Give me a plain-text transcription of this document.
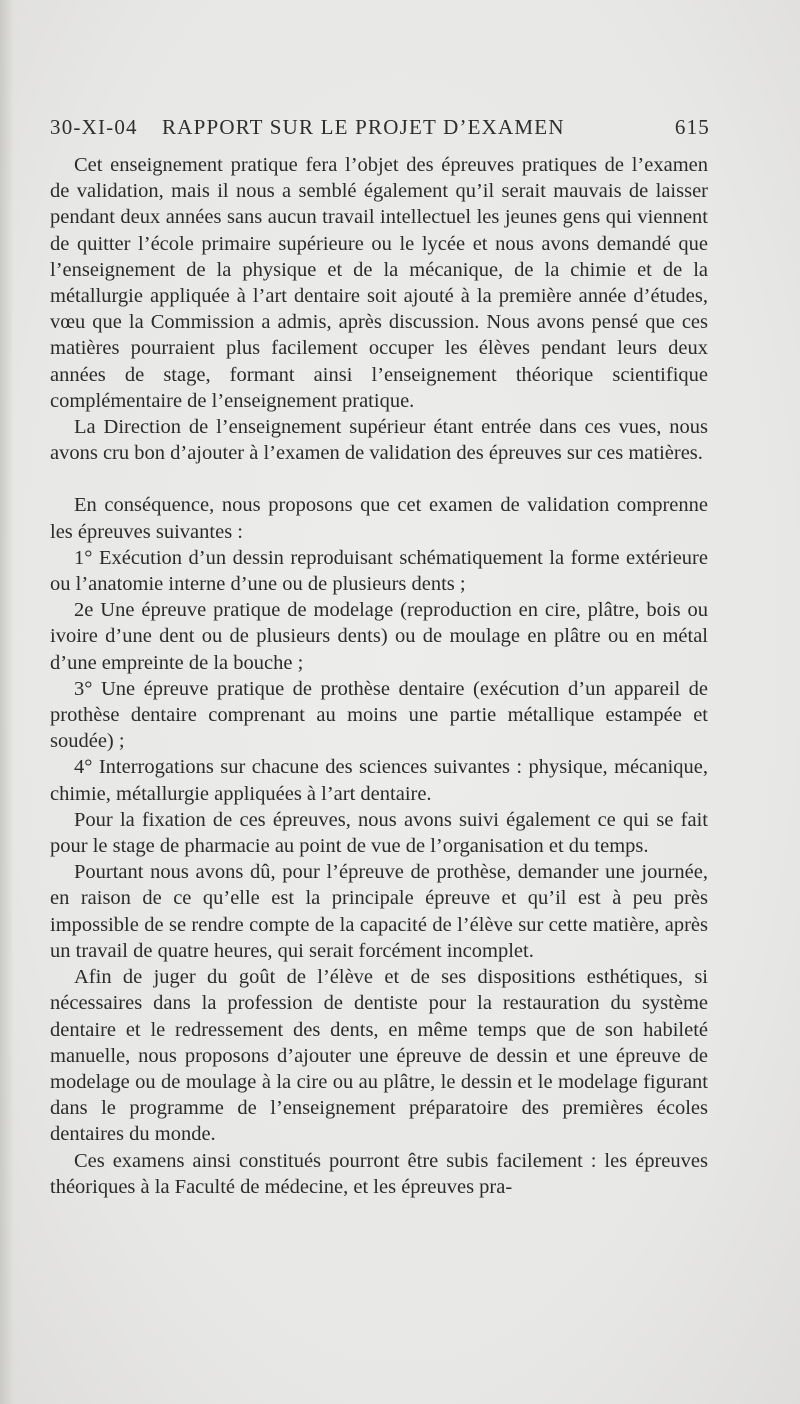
30-XI-04 RAPPORT SUR LE PROJET D’EXAMEN	615

Cet enseignement pratique fera l’objet des épreuves pratiques de l’examen de validation, mais il nous a semblé également qu’il serait mauvais de laisser pendant deux années sans aucun travail intellectuel les jeunes gens qui viennent de quitter l’école primaire supérieure ou le lycée et nous avons demandé que l’enseignement de la physique et de la mécanique, de la chimie et de la métallurgie appliquée à l’art dentaire soit ajouté à la première année d’études, vœu que la Commission a admis, après discussion. Nous avons pensé que ces matières pourraient plus facilement occuper les élèves pendant leurs deux années de stage, formant ainsi l’enseignement théorique scientifique complémentaire de l’enseignement pratique.

La Direction de l’enseignement supérieur étant entrée dans ces vues, nous avons cru bon d’ajouter à l’examen de validation des épreuves sur ces matières.

En conséquence, nous proposons que cet examen de validation comprenne les épreuves suivantes :

1° Exécution d’un dessin reproduisant schématiquement la forme extérieure ou l’anatomie interne d’une ou de plusieurs dents ;

2e Une épreuve pratique de modelage (reproduction en cire, plâtre, bois ou ivoire d’une dent ou de plusieurs dents) ou de moulage en plâtre ou en métal d’une empreinte de la bouche ;

3° Une épreuve pratique de prothèse dentaire (exécution d’un appareil de prothèse dentaire comprenant au moins une partie métallique estampée et soudée) ;

4° Interrogations sur chacune des sciences suivantes : physique, mécanique, chimie, métallurgie appliquées à l’art dentaire.

Pour la fixation de ces épreuves, nous avons suivi également ce qui se fait pour le stage de pharmacie au point de vue de l’organisation et du temps.

Pourtant nous avons dû, pour l’épreuve de prothèse, demander une journée, en raison de ce qu’elle est la principale épreuve et qu’il est à peu près impossible de se rendre compte de la capacité de l’élève sur cette matière, après un travail de quatre heures, qui serait forcément incomplet.

Afin de juger du goût de l’élève et de ses dispositions esthétiques, si nécessaires dans la profession de dentiste pour la restauration du système dentaire et le redressement des dents, en même temps que de son habileté manuelle, nous proposons d’ajouter une épreuve de dessin et une épreuve de modelage ou de moulage à la cire ou au plâtre, le dessin et le modelage figurant dans le programme de l’enseignement préparatoire des premières écoles dentaires du monde.

Ces examens ainsi constitués pourront être subis facilement : les épreuves théoriques à la Faculté de médecine, et les épreuves pra-
